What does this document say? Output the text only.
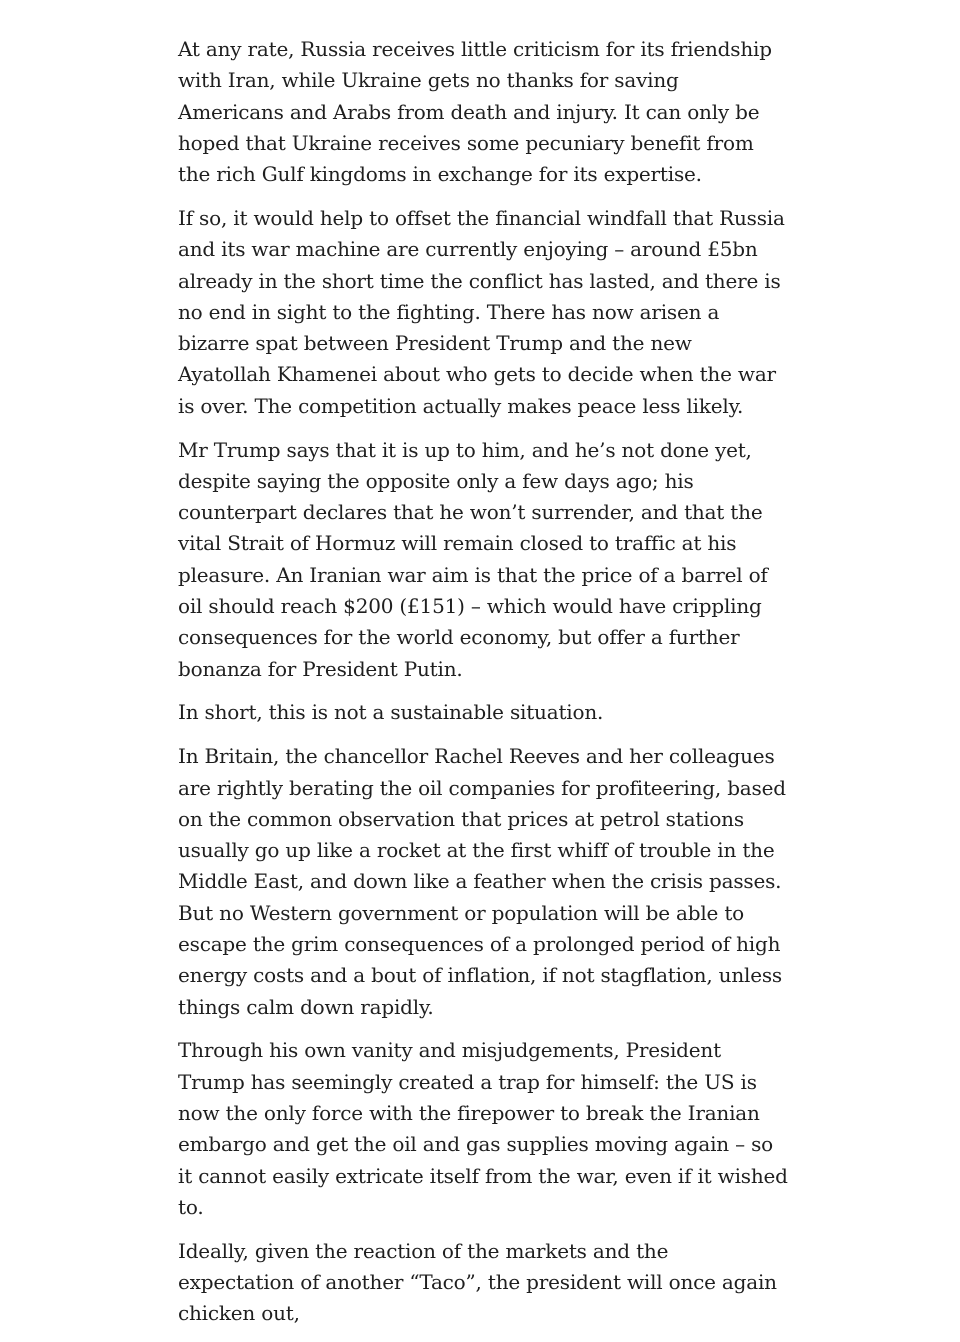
At any rate, Russia receives little criticism for its friendship with Iran, while Ukraine gets no thanks for saving Americans and Arabs from death and injury. It can only be hoped that Ukraine receives some pecuniary benefit from the rich Gulf kingdoms in exchange for its expertise.

If so, it would help to offset the financial windfall that Russia and its war machine are currently enjoying – around £5bn already in the short time the conflict has lasted, and there is no end in sight to the fighting. There has now arisen a bizarre spat between President Trump and the new Ayatollah Khamenei about who gets to decide when the war is over. The competition actually makes peace less likely.

Mr Trump says that it is up to him, and he’s not done yet, despite saying the opposite only a few days ago; his counterpart declares that he won’t surrender, and that the vital Strait of Hormuz will remain closed to traffic at his pleasure. An Iranian war aim is that the price of a barrel of oil should reach $200 (£151) – which would have crippling consequences for the world economy, but offer a further bonanza for President Putin.

In short, this is not a sustainable situation.

In Britain, the chancellor Rachel Reeves and her colleagues are rightly berating the oil companies for profiteering, based on the common observation that prices at petrol stations usually go up like a rocket at the first whiff of trouble in the Middle East, and down like a feather when the crisis passes. But no Western government or population will be able to escape the grim consequences of a prolonged period of high energy costs and a bout of inflation, if not stagflation, unless things calm down rapidly.

Through his own vanity and misjudgements, President Trump has seemingly created a trap for himself: the US is now the only force with the firepower to break the Iranian embargo and get the oil and gas supplies moving again – so it cannot easily extricate itself from the war, even if it wished to.

Ideally, given the reaction of the markets and the expectation of another “Taco”, the president will once again chicken out,
